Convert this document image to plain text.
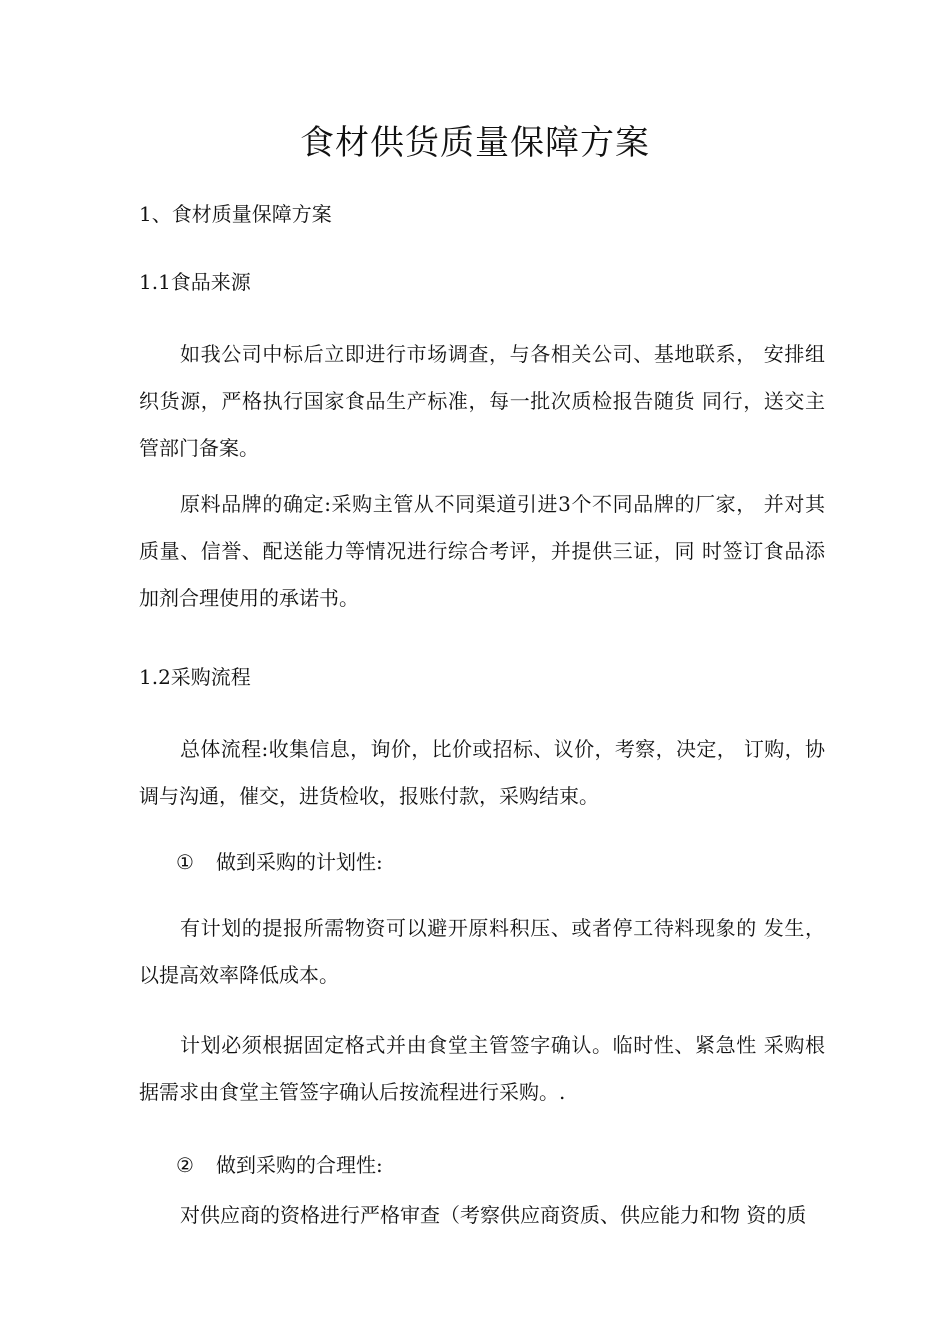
食材供货质量保障方案
1、食材质量保障方案
1.1食品来源

如我公司中标后立即进行市场调查，与各相关公司、基地联系， 安排组织货源，严格执行国家食品生产标准，每一批次质检报告随货 同行，送交主管部门备案。

原料品牌的确定:采购主管从不同渠道引进3个不同品牌的厂家， 并对其质量、信誉、配送能力等情况进行综合考评，并提供三证，同 时签订食品添加剂合理使用的承诺书。

1.2采购流程

总体流程:收集信息，询价，比价或招标、议价，考察，决定， 订购，协调与沟通，催交，进货检收，报账付款，采购结束。

① 做到采购的计划性:

有计划的提报所需物资可以避开原料积压、或者停工待料现象的 发生，以提高效率降低成本。

计划必须根据固定格式并由食堂主管签字确认。临时性、紧急性 采购根据需求由食堂主管签字确认后按流程进行采购。.

② 做到采购的合理性:

对供应商的资格进行严格审查（考察供应商资质、供应能力和物 资的质
